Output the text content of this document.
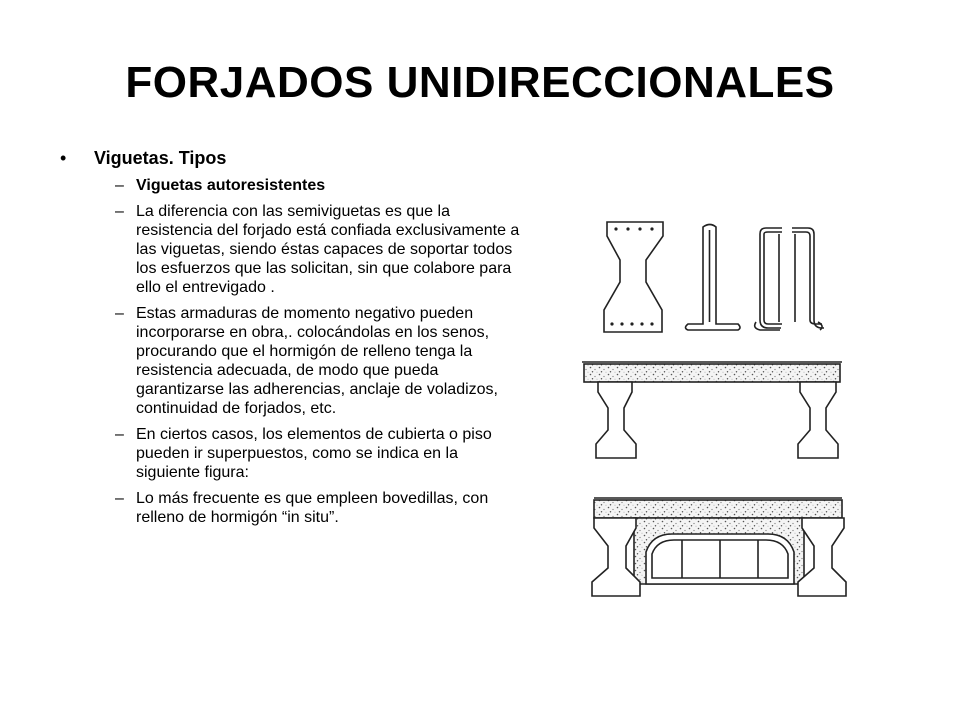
FORJADOS UNIDIRECCIONALES
•	Viguetas. Tipos
– Viguetas autoresistentes
– La diferencia con las semiviguetas es que la resistencia del forjado está confiada exclusivamente a las viguetas, siendo éstas capaces de soportar todos los esfuerzos que las solicitan, sin que colabore para ello el entrevigado .
– Estas armaduras de momento negativo pueden incorporarse en obra,. colocándolas en los senos, procurando que el hormigón de relleno tenga la resistencia adecuada, de modo que pueda garantizarse las adherencias, anclaje de voladizos, continuidad de forjados, etc.
– En ciertos casos, los elementos de cubierta o piso pueden ir superpuestos, como se indica en la siguiente figura:
– Lo más frecuente es que empleen bovedillas, con relleno de hormigón “in situ”.
